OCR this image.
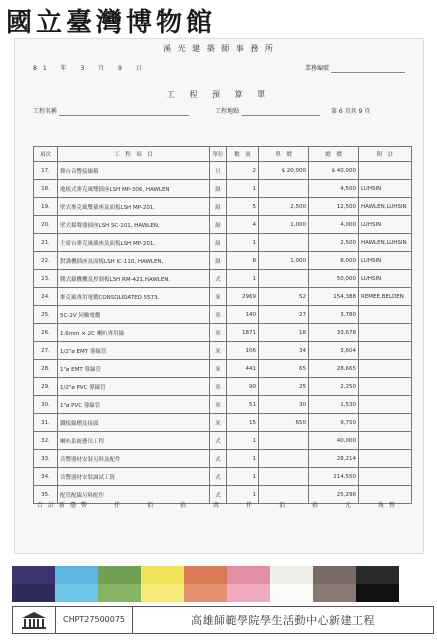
國立臺灣博物館
溪 光 建 築 師 事 務 所
81 年 3 月 9 日	業務編號
工 程 預 算 單
工程名稱	工程地點	第 6 頁共 9 頁
項次	工　程　項　目	單位	數　量	單　價	總　價	附　註
17.	舞台音響接線箱	只	2	$ 20,000	$ 40,000	
18.	地板式麥克風雙插座LSH MP-306, HAWLEN	組	1		4,500	LUHSIN
19.	壁式麥克風雙插座及面板LSH MP-201,	組	5	2,500	12,500	HAWLEN,LUHSIN
20.	壁式揚聲器插座LSH SC-101, HAWLEN,	組	4	1,000	4,000	LUHSIN
21.	主席台麥克風插座及面板LSH MP-201,	組	1		2,500	HAWLEN,LUHSIN
22.	對講機插座及面板LSH IC-110, HAWLEN,	組	8	1,000	8,000	LUHSIN
23.	側式錄機機及控制板LSH RM-421,HAWLEN,	式	1		50,000	LUHSIN
24.	麥克風專用電纜CONSOLIDATED 5573,	米	2969	52	154,388	REMEE,BELDEN
25.	5C-2V 同軸電纜	米	140	27	3,780	
26.	1.6mm × 2C 喇叭專用線	米	1871	18	33,678	
27.	1/2"ø EMT 導線管	米	106	34	3,604	
28.	1"ø EMT 導線管	米	441	65	28,665	
29.	1/2"ø PVC 導線管	米	90	25	2,250	
30.	1"ø PVC 導線管	米	51	30	1,530	
31.	鐵板線槽及接頭	米	15	650	9,750	
32.	喇叭系統懸吊工程	式	1		40,000	
33.	音響器材安裝另料及配件	式	1		28,214	
34.	音響器材安裝調試工資	式	1		214,550	
35.	配管配線另料配件	式	1		25,296	
合計新臺幣　　仟　　佰　　拾　　萬　　仟　　佰　　拾　　元　　角整
CHPT27500075	高雄師範學院學生活動中心新建工程
